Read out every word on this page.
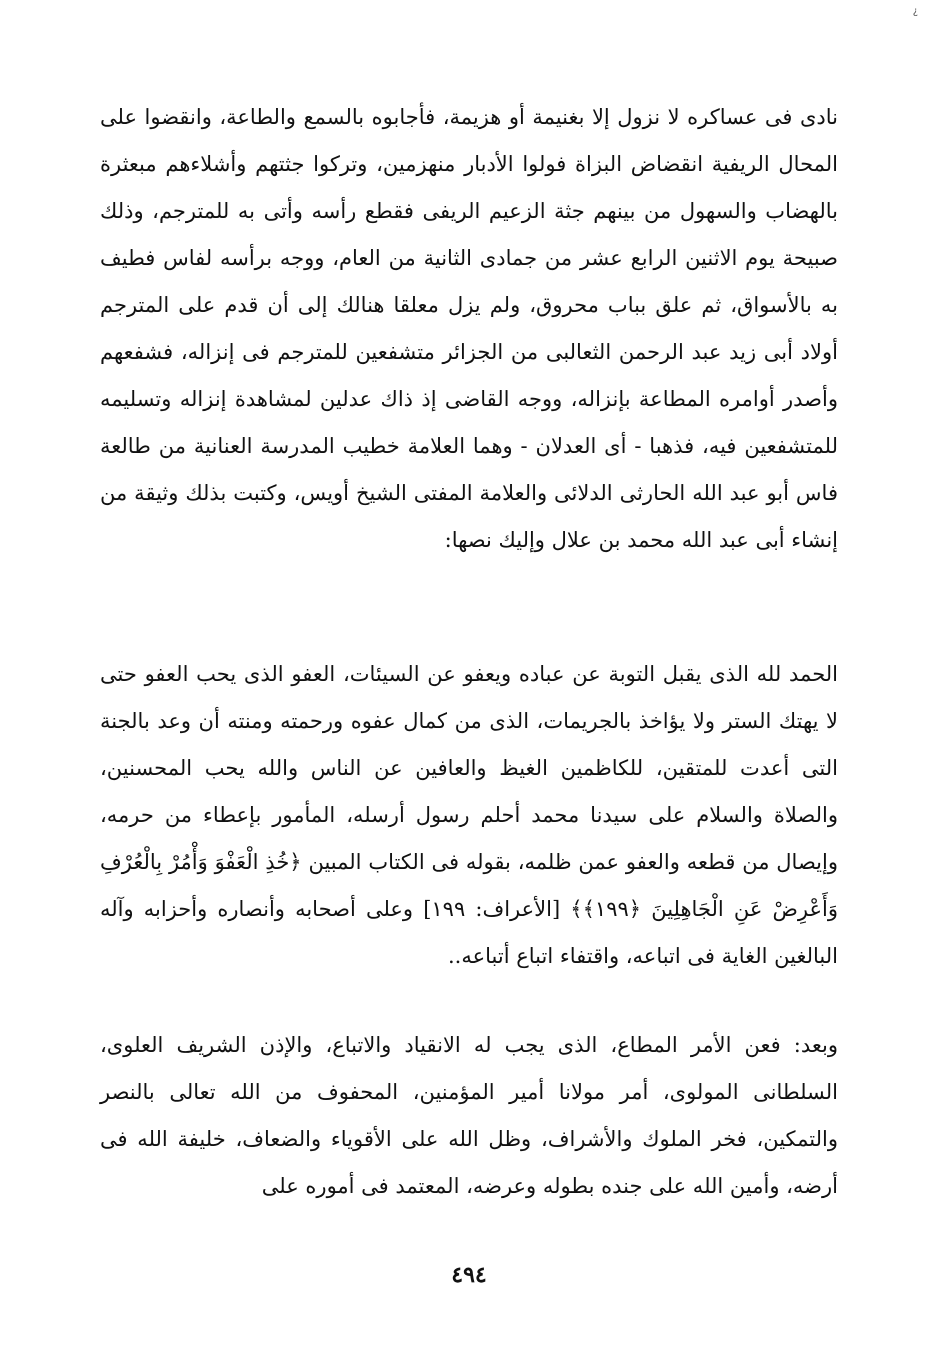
¿

نادى فى عساكره لا نزول إلا بغنيمة أو هزيمة، فأجابوه بالسمع والطاعة، وانقضوا على المحال الريفية انقضاض البزاة فولوا الأدبار منهزمين، وتركوا جثتهم وأشلاءهم مبعثرة بالهضاب والسهول من بينهم جثة الزعيم الريفى فقطع رأسه وأتى به للمترجم، وذلك صبيحة يوم الاثنين الرابع عشر من جمادى الثانية من العام، ووجه برأسه لفاس فطيف به بالأسواق، ثم علق بباب محروق، ولم يزل معلقا هنالك إلى أن قدم على المترجم أولاد أبى زيد عبد الرحمن الثعالبى من الجزائر متشفعين للمترجم فى إنزاله، فشفعهم وأصدر أوامره المطاعة بإنزاله، ووجه القاضى إذ ذاك عدلين لمشاهدة إنزاله وتسليمه للمتشفعين فيه، فذهبا - أى العدلان - وهما العلامة خطيب المدرسة العنانية من طالعة فاس أبو عبد الله الحارثى الدلائى والعلامة المفتى الشيخ أويس، وكتبت بذلك وثيقة من إنشاء أبى عبد الله محمد بن علال وإليك نصها:

الحمد لله الذى يقبل التوبة عن عباده ويعفو عن السيئات، العفو الذى يحب العفو حتى لا يهتك الستر ولا يؤاخذ بالجريمات، الذى من كمال عفوه ورحمته ومنته أن وعد بالجنة التى أعدت للمتقين، للكاظمين الغيظ والعافين عن الناس والله يحب المحسنين، والصلاة والسلام على سيدنا محمد أحلم رسول أرسله، المأمور بإعطاء من حرمه، وإيصال من قطعه والعفو عمن ظلمه، بقوله فى الكتاب المبين ﴿خُذِ الْعَفْوَ وَأْمُرْ بِالْعُرْفِ وَأَعْرِضْ عَنِ الْجَاهِلِينَ ﴿١٩٩﴾﴾ [الأعراف: ١٩٩] وعلى أصحابه وأنصاره وأحزابه وآله البالغين الغاية فى اتباعه، واقتفاء اتباع أتباعه..

وبعد: فعن الأمر المطاع، الذى يجب له الانقياد والاتباع، والإذن الشريف العلوى، السلطانى المولوى، أمر مولانا أمير المؤمنين، المحفوف من الله تعالى بالنصر والتمكين، فخر الملوك والأشراف، وظل الله على الأقوياء والضعاف، خليفة الله فى أرضه، وأمين الله على جنده بطوله وعرضه، المعتمد فى أموره على

٤٩٤
